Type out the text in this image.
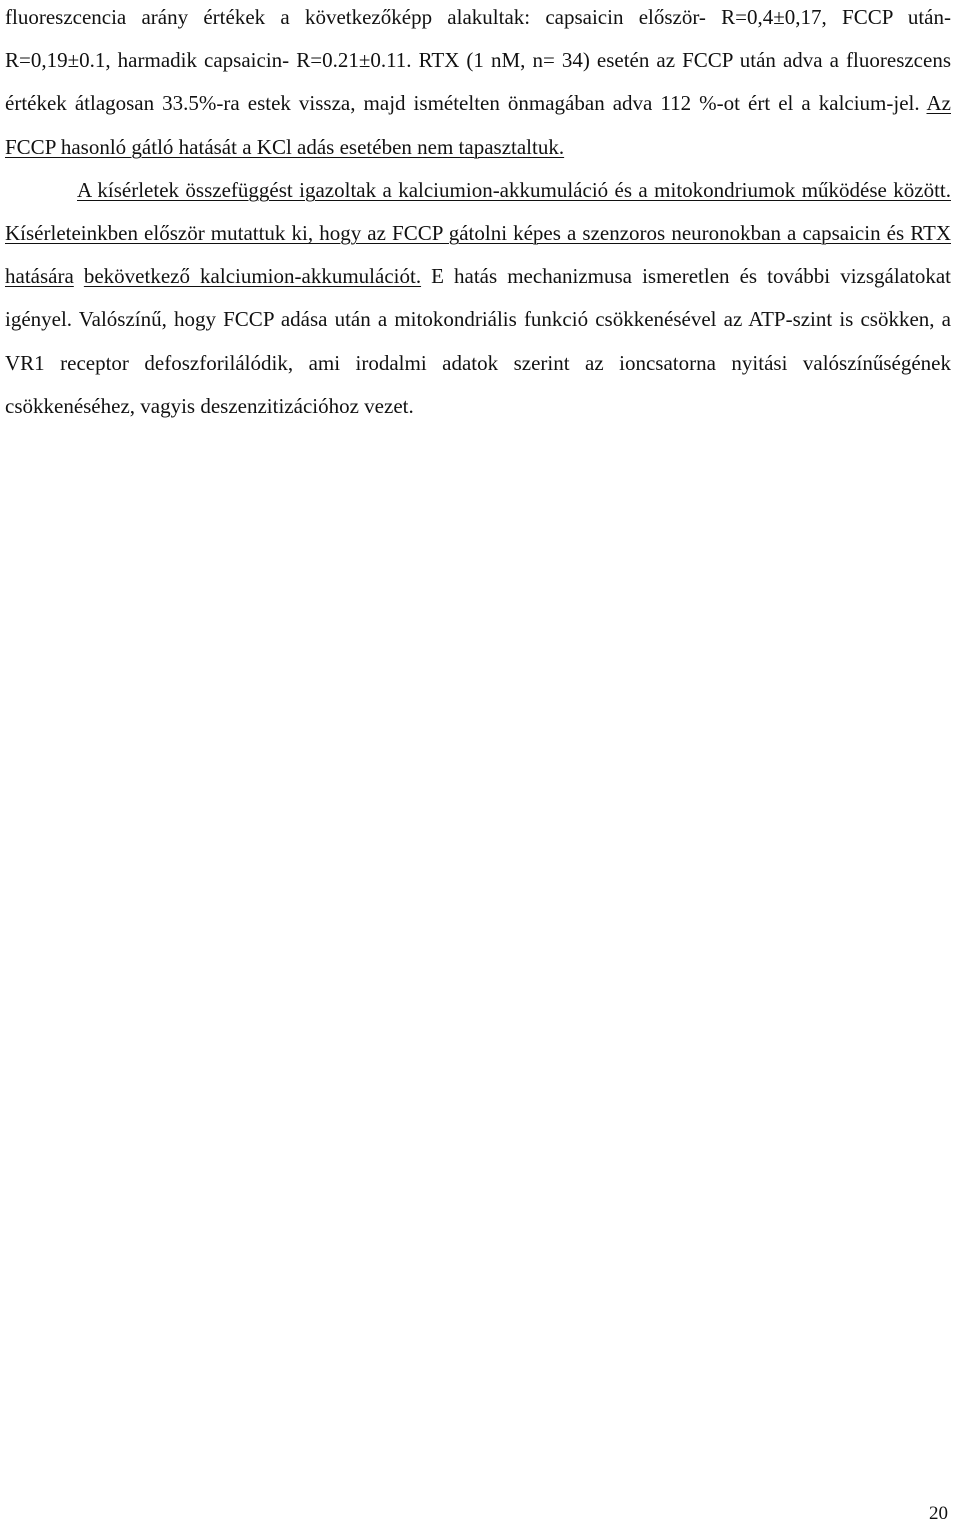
fluoreszcencia arány értékek a következőképp alakultak: capsaicin először- R=0,4±0,17, FCCP után- R=0,19±0.1, harmadik capsaicin- R=0.21±0.11. RTX (1 nM, n= 34) esetén az FCCP után adva a fluoreszcens értékek átlagosan 33.5%-ra estek vissza, majd ismételten önmagában adva 112 %-ot ért el a kalcium-jel. Az FCCP hasonló gátló hatását a KCl adás esetében nem tapasztaltuk.

A kísérletek összefüggést igazoltak a kalciumion-akkumuláció és a mitokondriumok működése között. Kísérleteinkben először mutattuk ki, hogy az FCCP gátolni képes a szenzoros neuronokban a capsaicin és RTX hatására bekövetkező kalciumion-akkumulációt. E hatás mechanizmusa ismeretlen és további vizsgálatokat igényel. Valószínű, hogy FCCP adása után a mitokondriális funkció csökkenésével az ATP-szint is csökken, a VR1 receptor defoszforilálódik, ami irodalmi adatok szerint az ioncsatorna nyitási valószínűségének csökkenéséhez, vagyis deszenzitizációhoz vezet.

20
